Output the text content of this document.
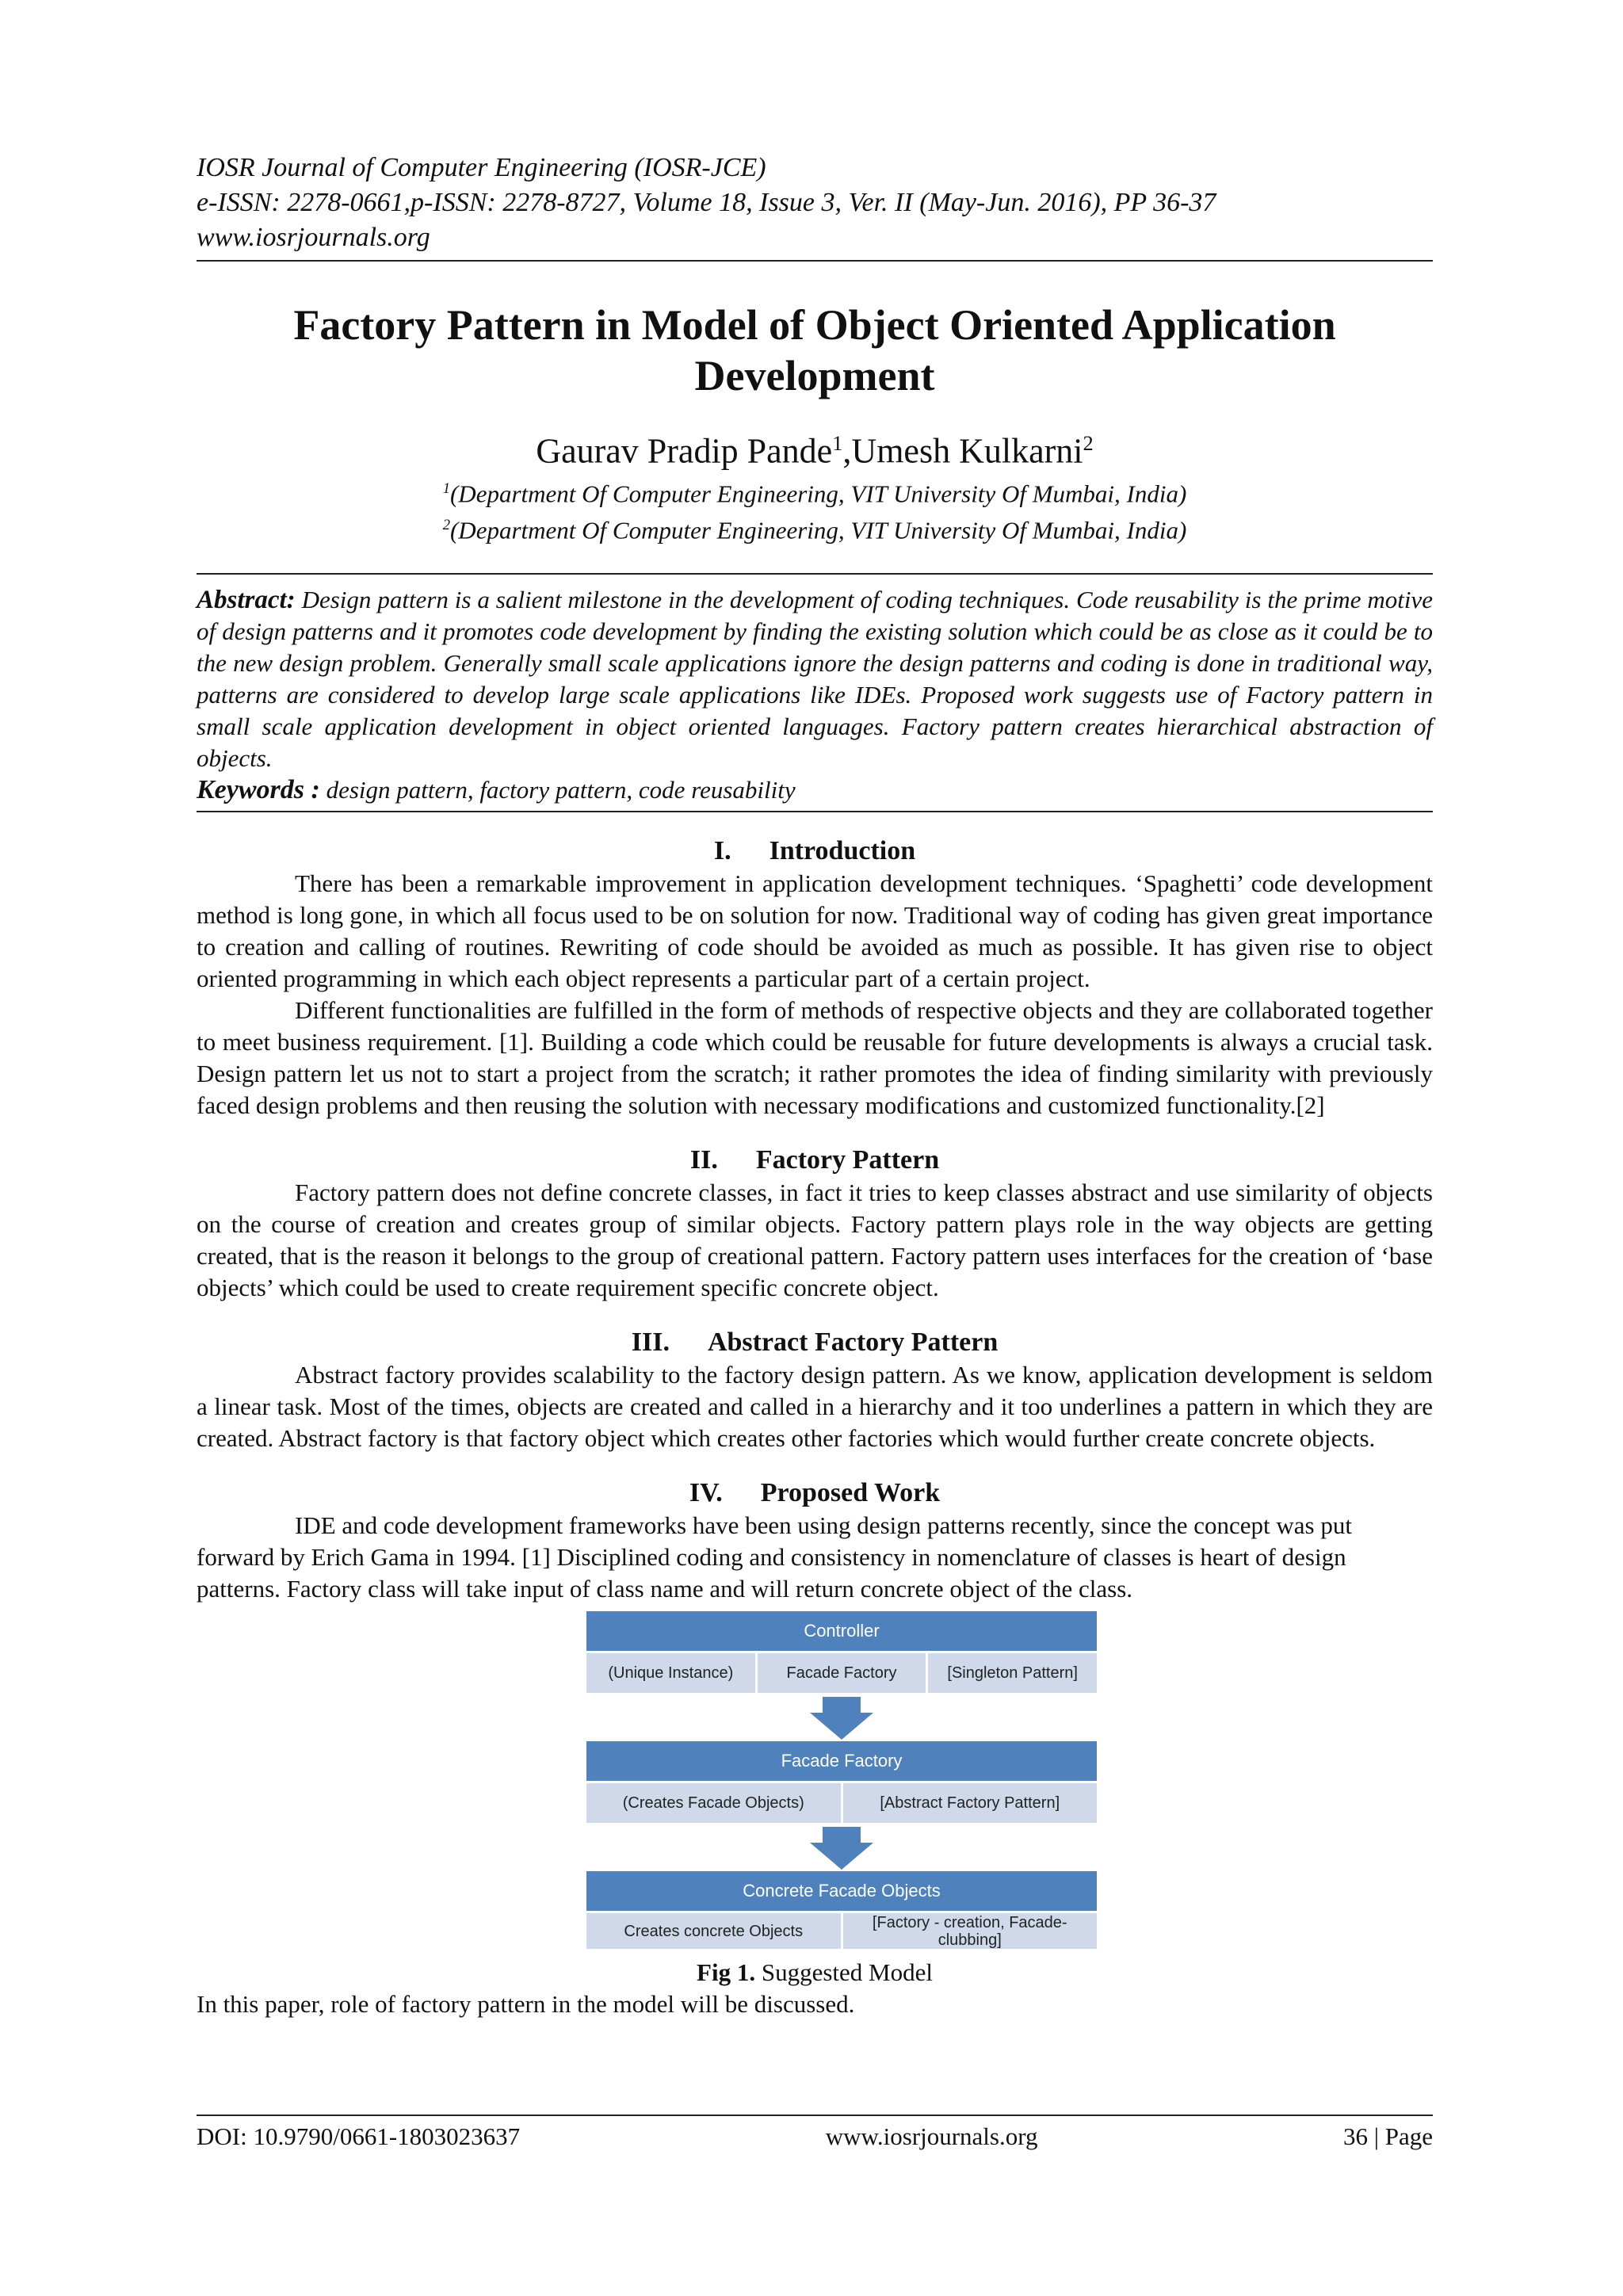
IOSR Journal of Computer Engineering (IOSR-JCE)
e-ISSN: 2278-0661,p-ISSN: 2278-8727, Volume 18, Issue 3, Ver. II (May-Jun. 2016), PP 36-37
www.iosrjournals.org
Factory Pattern in Model of Object Oriented Application Development
Gaurav Pradip Pande$^1$,Umesh Kulkarni$^2$
$^1$(Department Of Computer Engineering, VIT University Of Mumbai, India)
$^2$(Department Of Computer Engineering, VIT University Of Mumbai, India)
Abstract: Design pattern is a salient milestone in the development of coding techniques. Code reusability is the prime motive of design patterns and it promotes code development by finding the existing solution which could be as close as it could be to the new design problem. Generally small scale applications ignore the design patterns and coding is done in traditional way, patterns are considered to develop large scale applications like IDEs. Proposed work suggests use of Factory pattern in small scale application development in object oriented languages. Factory pattern creates hierarchical abstraction of objects.
Keywords : design pattern, factory pattern, code reusability
I. Introduction
There has been a remarkable improvement in application development techniques. ‘Spaghetti’ code development method is long gone, in which all focus used to be on solution for now. Traditional way of coding has given great importance to creation and calling of routines. Rewriting of code should be avoided as much as possible. It has given rise to object oriented programming in which each object represents a particular part of a certain project.
Different functionalities are fulfilled in the form of methods of respective objects and they are collaborated together to meet business requirement. [1]. Building a code which could be reusable for future developments is always a crucial task. Design pattern let us not to start a project from the scratch; it rather promotes the idea of finding similarity with previously faced design problems and then reusing the solution with necessary modifications and customized functionality.[2]
II. Factory Pattern
Factory pattern does not define concrete classes, in fact it tries to keep classes abstract and use similarity of objects on the course of creation and creates group of similar objects. Factory pattern plays role in the way objects are getting created, that is the reason it belongs to the group of creational pattern. Factory pattern uses interfaces for the creation of ‘base objects’ which could be used to create requirement specific concrete object.
III. Abstract Factory Pattern
Abstract factory provides scalability to the factory design pattern. As we know, application development is seldom a linear task. Most of the times, objects are created and called in a hierarchy and it too underlines a pattern in which they are created. Abstract factory is that factory object which creates other factories which would further create concrete objects.
IV. Proposed Work
IDE and code development frameworks have been using design patterns recently, since the concept was put forward by Erich Gama in 1994. [1] Disciplined coding and consistency in nomenclature of classes is heart of design patterns. Factory class will take input of class name and will return concrete object of the class.
Controller
(Unique Instance)	Facade Factory	[Singleton Pattern]
Facade Factory
(Creates Facade Objects)	[Abstract Factory Pattern]
Concrete Facade Objects
Creates concrete Objects	[Factory - creation, Facade-clubbing]
Fig 1. Suggested Model
In this paper, role of factory pattern in the model will be discussed.
DOI: 10.9790/0661-1803023637	www.iosrjournals.org	36 | Page
